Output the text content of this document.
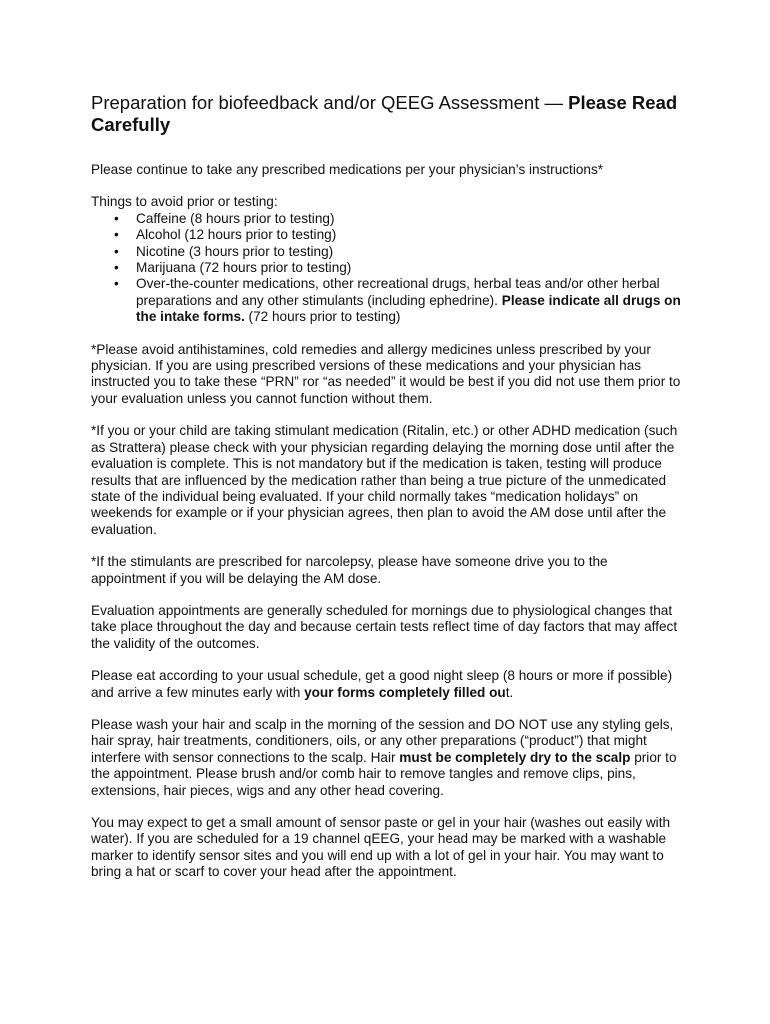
Preparation for biofeedback and/or QEEG Assessment — Please Read Carefully

Please continue to take any prescribed medications per your physician’s instructions*

Things to avoid prior or testing:

• Caffeine (8 hours prior to testing)
• Alcohol (12 hours prior to testing)
• Nicotine (3 hours prior to testing)
• Marijuana (72 hours prior to testing)
• Over-the-counter medications, other recreational drugs, herbal teas and/or other herbal preparations and any other stimulants (including ephedrine). Please indicate all drugs on the intake forms. (72 hours prior to testing)

*Please avoid antihistamines, cold remedies and allergy medicines unless prescribed by your physician. If you are using prescribed versions of these medications and your physician has instructed you to take these “PRN” ror “as needed” it would be best if you did not use them prior to your evaluation unless you cannot function without them.

*If you or your child are taking stimulant medication (Ritalin, etc.) or other ADHD medication (such as Strattera) please check with your physician regarding delaying the morning dose until after the evaluation is complete. This is not mandatory but if the medication is taken, testing will produce results that are influenced by the medication rather than being a true picture of the unmedicated state of the individual being evaluated. If your child normally takes “medication holidays” on weekends for example or if your physician agrees, then plan to avoid the AM dose until after the evaluation.

*If the stimulants are prescribed for narcolepsy, please have someone drive you to the appointment if you will be delaying the AM dose.

Evaluation appointments are generally scheduled for mornings due to physiological changes that take place throughout the day and because certain tests reflect time of day factors that may affect the validity of the outcomes.

Please eat according to your usual schedule, get a good night sleep (8 hours or more if possible) and arrive a few minutes early with your forms completely filled out.

Please wash your hair and scalp in the morning of the session and DO NOT use any styling gels, hair spray, hair treatments, conditioners, oils, or any other preparations (“product”) that might interfere with sensor connections to the scalp. Hair must be completely dry to the scalp prior to the appointment. Please brush and/or comb hair to remove tangles and remove clips, pins, extensions, hair pieces, wigs and any other head covering.

You may expect to get a small amount of sensor paste or gel in your hair (washes out easily with water). If you are scheduled for a 19 channel qEEG, your head may be marked with a washable marker to identify sensor sites and you will end up with a lot of gel in your hair. You may want to bring a hat or scarf to cover your head after the appointment.
